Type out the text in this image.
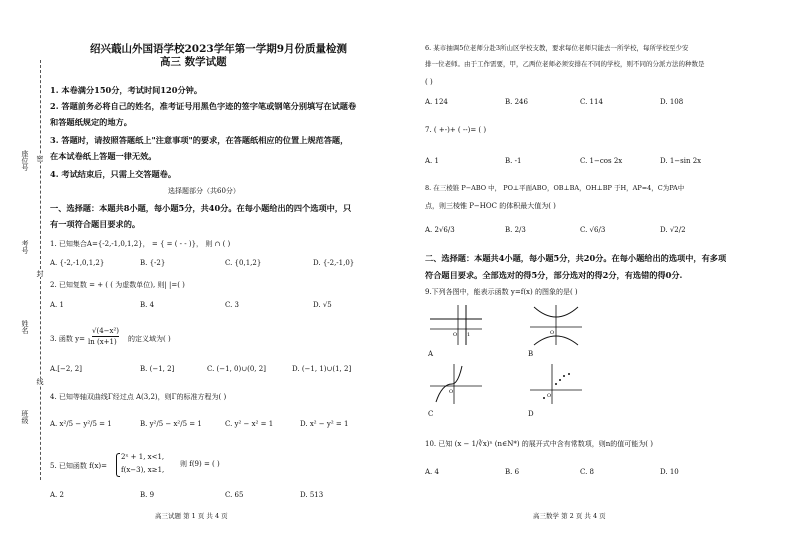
座位号
考号
姓名
班级
密
封
线
绍兴蕺山外国语学校2023学年第一学期9月份质量检测
高三 数学试题
1. 本卷满分150分，考试时间120分钟。
2. 答题前务必将自己的姓名，准考证号用黑色字迹的签字笔或钢笔分别填写在试题卷
和答题纸规定的地方。
3. 答题时，请按照答题纸上"注意事项"的要求，在答题纸相应的位置上规范答题，
在本试卷纸上答题一律无效。
4. 考试结束后，只需上交答题卷。
选择题部分（共60分）
一、选择题：本题共8小题，每小题5分，共40分。在每小题给出的四个选项中，只
有一项符合题目要求的。
1. 已知集合A={-2,-1,0,1,2}， = { = ( - - )}， 则 ∩ ( )
A. {-2,-1,0,1,2}	B. {-2}	C. {0,1,2}	D. {-2,-1,0}
2. 已知复数 = + ( ( 为虚数单位), 则| |=( )
A. 1	B. 4	C. 3	D. √5
3. 函数 y=
√(4−x²)
ln (x+1) 的定义域为( )
A.[−2, 2]	B. (−1, 2]	C. (−1, 0)∪(0, 2]	D. (−1, 1)∪(1, 2]
4. 已知等轴双曲线Γ经过点 A(3,2)，则Γ的标准方程为( )
A. x²/5 − y²/5 = 1	B. y²/5 − x²/5 = 1	C. y² − x² = 1	D. x² − y² = 1
5. 已知函数 f(x)=
2ˣ + 1, x<1,
f(x−3), x≥1,
则 f(9) = ( )
A. 2	B. 9	C. 65	D. 513
高三试题 第 1 页 共 4 页
6. 某市抽调5位老师分赴3所山区学校支教，要求每位老师只能去一所学校，每所学校至少安
排一位老师。由于工作需要，甲，乙两位老师必须安排在不同的学校，则不同的分派方法的种数是
( )
A. 124	B. 246	C. 114	D. 108
7. ( +-)+ ( --)= ( )
A. 1	B. -1	C. 1−cos 2x	D. 1−sin 2x
8. 在三棱锥 P−ABO 中， PO⊥平面ABO，OB⊥BA，OH⊥BP 于H，AP=4，C为PA中
点，则三棱锥 P−HOC 的体积最大值为( )
A. 2√6/3	B. 2/3	C. √6/3	D. √2/2
二、选择题：本题共4小题，每小题5分，共20分。在每小题给出的选项中，有多项
符合题目要求。全部选对的得5分，部分选对的得2分，有选错的得0分.
9.下列各图中，能表示函数 y=f(x) 的图象的是( )
O 1
A
O
B
O
C
O
D
10. 已知 (x − 1/∛x)ⁿ (n∈N*) 的展开式中含有常数项，则n的值可能为( )
A. 4	B. 6	C. 8	D. 10
高三数学 第 2 页 共 4 页
